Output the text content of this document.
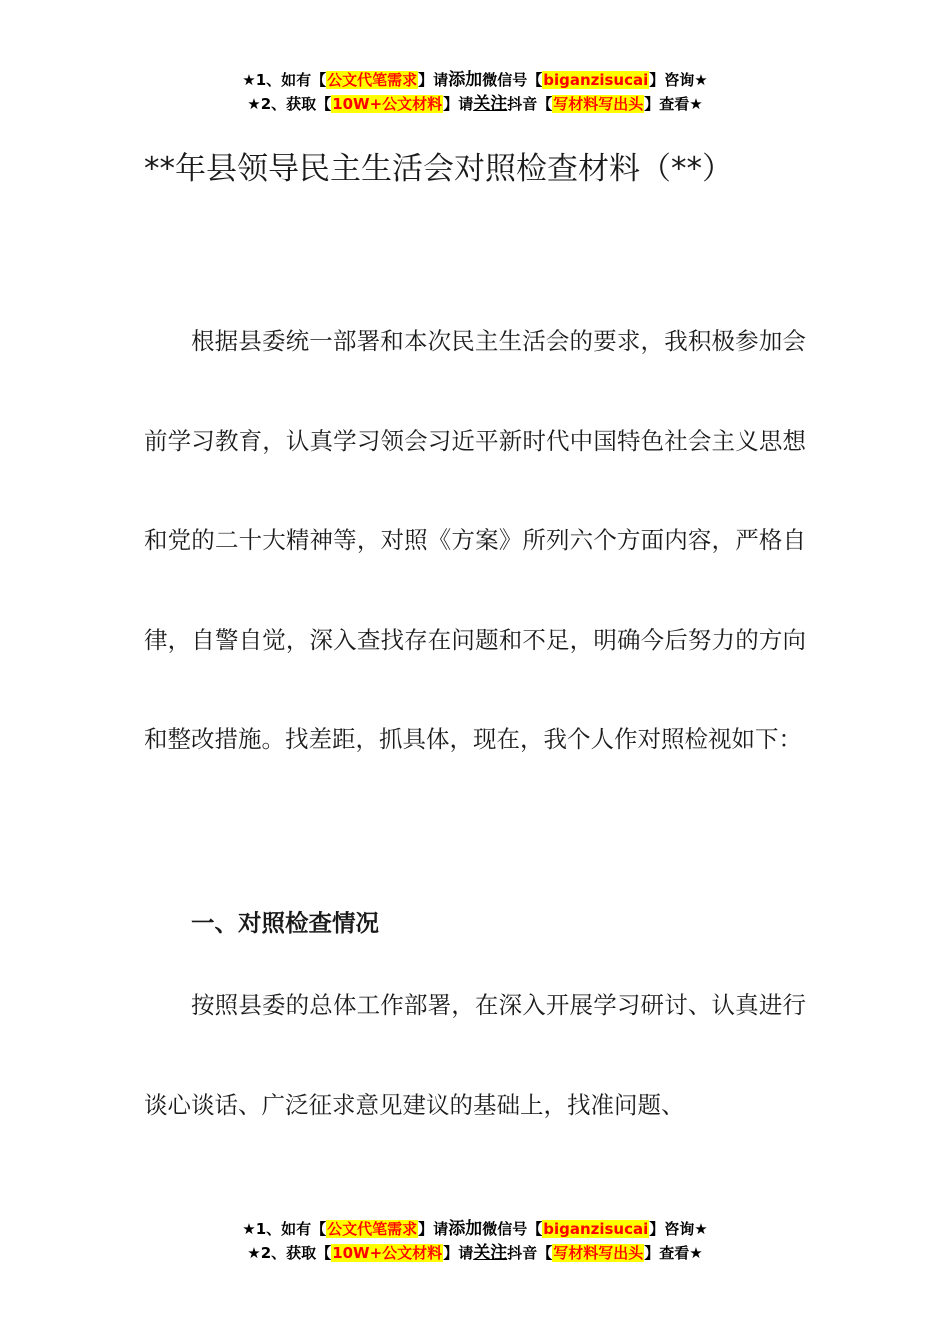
★1、如有【公文代笔需求】请添加微信号【biganzisucai】咨询★
★2、获取【10W+公文材料】请关注抖音【写材料写出头】查看★
**年县领导民主生活会对照检查材料（**）

根据县委统一部署和本次民主生活会的要求，我积极参加会前学习教育，认真学习领会习近平新时代中国特色社会主义思想和党的二十大精神等，对照《方案》所列六个方面内容，严格自律，自警自觉，深入查找存在问题和不足，明确今后努力的方向和整改措施。找差距，抓具体，现在，我个人作对照检视如下：

一、对照检查情况

按照县委的总体工作部署，在深入开展学习研讨、认真进行谈心谈话、广泛征求意见建议的基础上，找准问题、

★1、如有【公文代笔需求】请添加微信号【biganzisucai】咨询★
★2、获取【10W+公文材料】请关注抖音【写材料写出头】查看★
